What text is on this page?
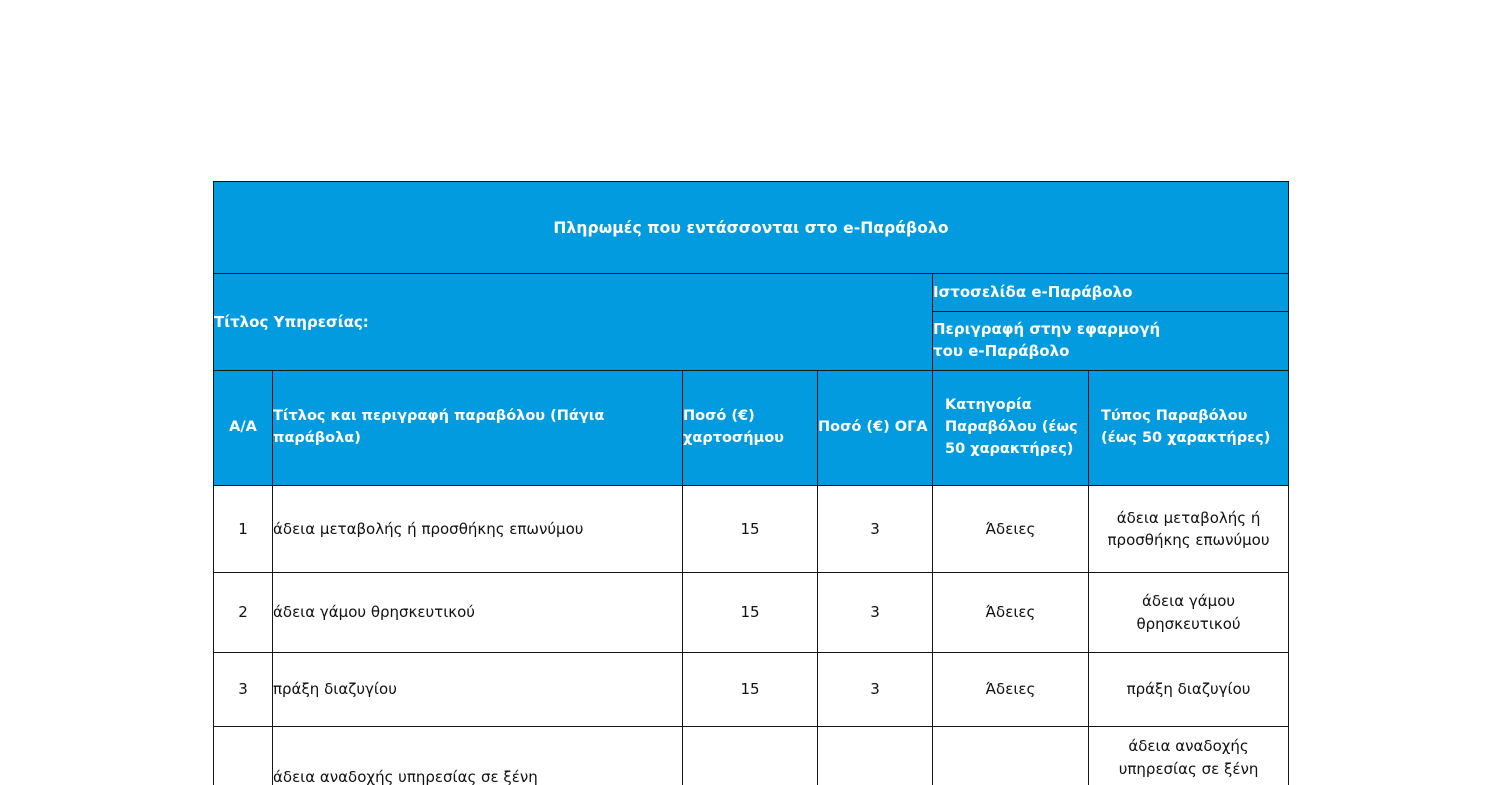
Πληρωμές που εντάσσονται στο e-Παράβολο					
Τίτλος Υπηρεσίας:				Ιστοσελίδα e-Παράβολο	

				Περιγραφή στην εφαρμογή
του e-Παράβολο	

Α/Α	Τίτλος και περιγραφή παραβόλου (Πάγια παράβολα)	Ποσό (€) χαρτοσήμου	Ποσό (€) ΟΓΑ	Κατηγορία Παραβόλου (έως 50 χαρακτήρες)	Τύπος Παραβόλου (έως 50 χαρακτήρες)
1	άδεια μεταβολής ή προσθήκης επωνύμου	15	3	Άδειες	άδεια μεταβολής ή προσθήκης επωνύμου
2	άδεια γάμου θρησκευτικού	15	3	Άδειες	άδεια γάμου θρησκευτικού
3	πράξη διαζυγίου	15	3	Άδειες	πράξη διαζυγίου
	άδεια αναδοχής υπηρεσίας σε ξένη				άδεια αναδοχής υπηρεσίας σε ξένη
